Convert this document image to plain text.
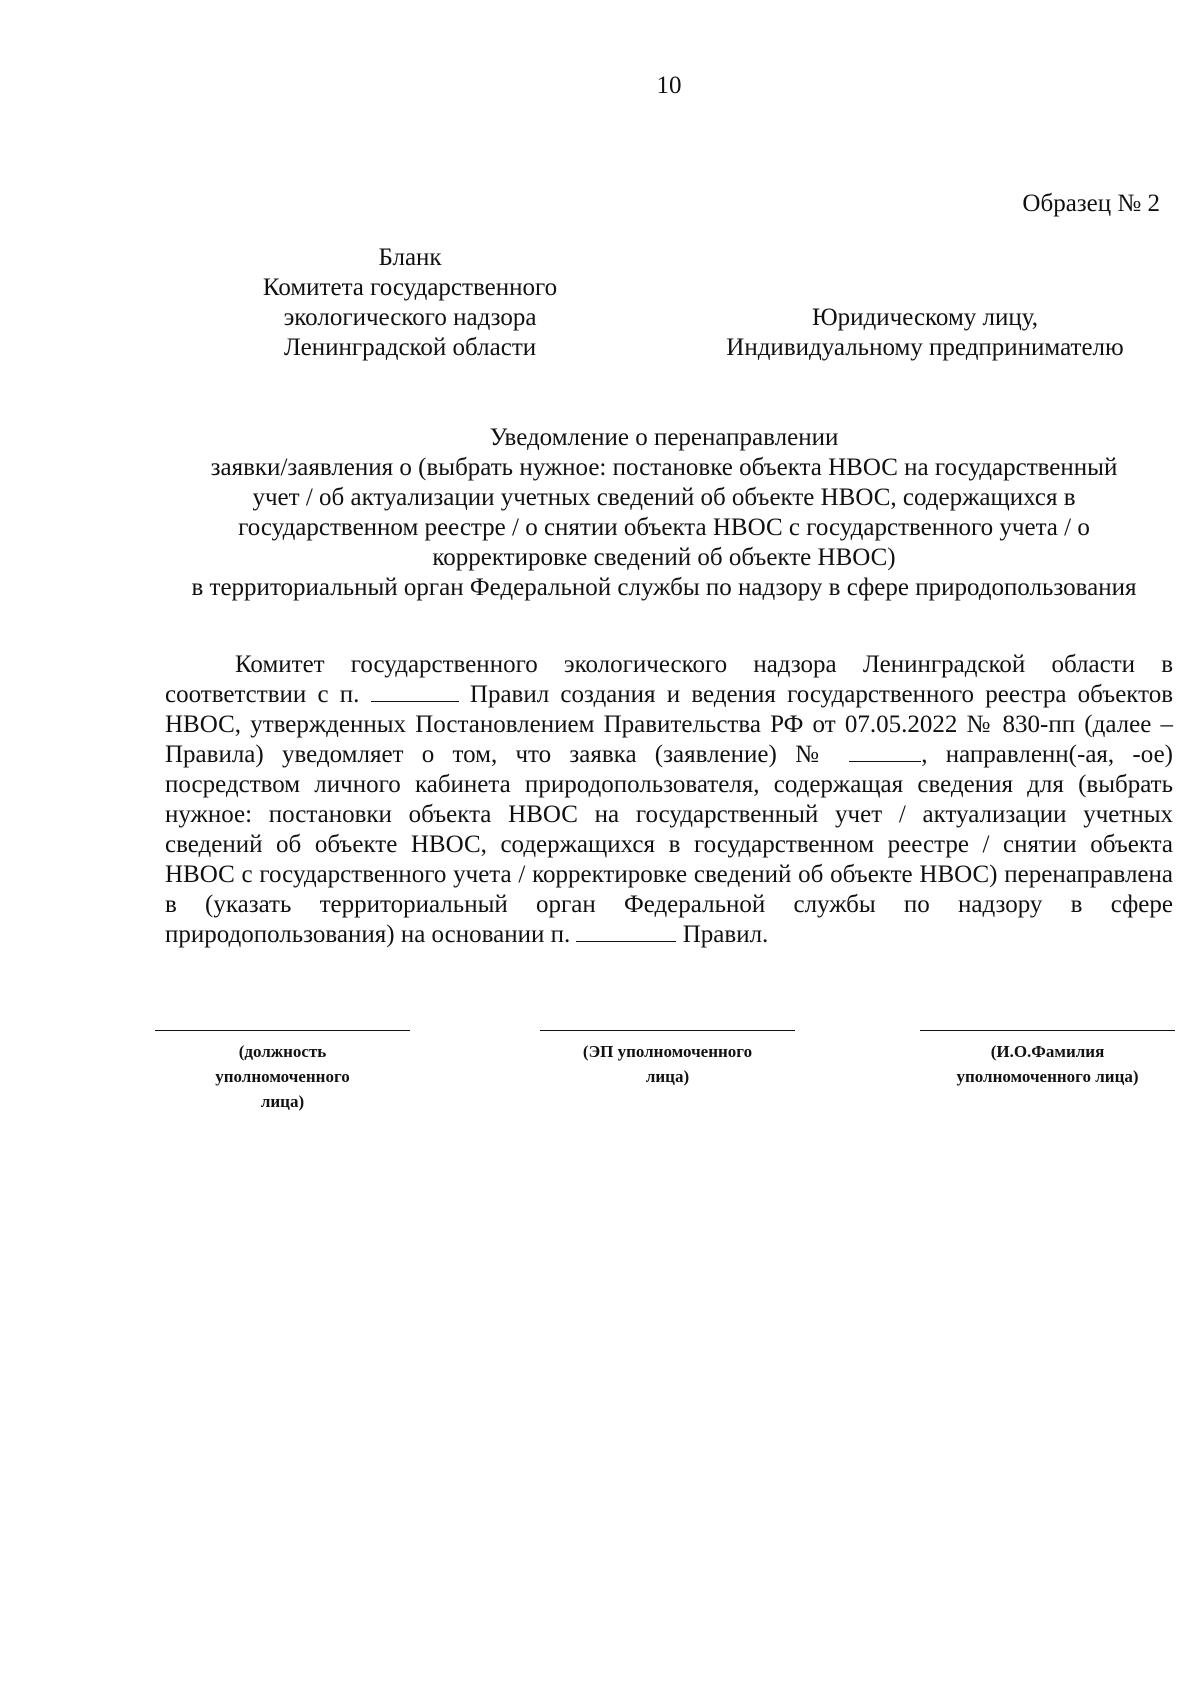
10
Образец № 2
Бланк
Комитета государственного
экологического надзора
Ленинградской области
Юридическому лицу,
Индивидуальному предпринимателю
Уведомление о перенаправлении
заявки/заявления о (выбрать нужное: постановке объекта НВОС на государственный
учет / об актуализации учетных сведений об объекте НВОС, содержащихся в
государственном реестре / о снятии объекта НВОС с государственного учета / о
корректировке сведений об объекте НВОС)
в территориальный орган Федеральной службы по надзору в сфере природопользования

Комитет государственного экологического надзора Ленинградской области в соответствии с п.	Правил создания и ведения государственного реестра объектов НВОС, утвержденных Постановлением Правительства РФ от 07.05.2022 № 830-пп (далее – Правила) уведомляет о том, что заявка (заявление) №	, направленн(-ая, -ое) посредством личного кабинета природопользователя, содержащая сведения для (выбрать нужное: постановки объекта НВОС на государственный учет / актуализации учетных сведений об объекте НВОС, содержащихся в государственном реестре / снятии объекта НВОС с государственного учета / корректировке сведений об объекте НВОС) перенаправлена в (указать территориальный орган Федеральной службы по надзору в сфере природопользования) на основании п.	Правил.

(должность
уполномоченного
лица)
(ЭП уполномоченного
лица)
(И.О.Фамилия
уполномоченного лица)
